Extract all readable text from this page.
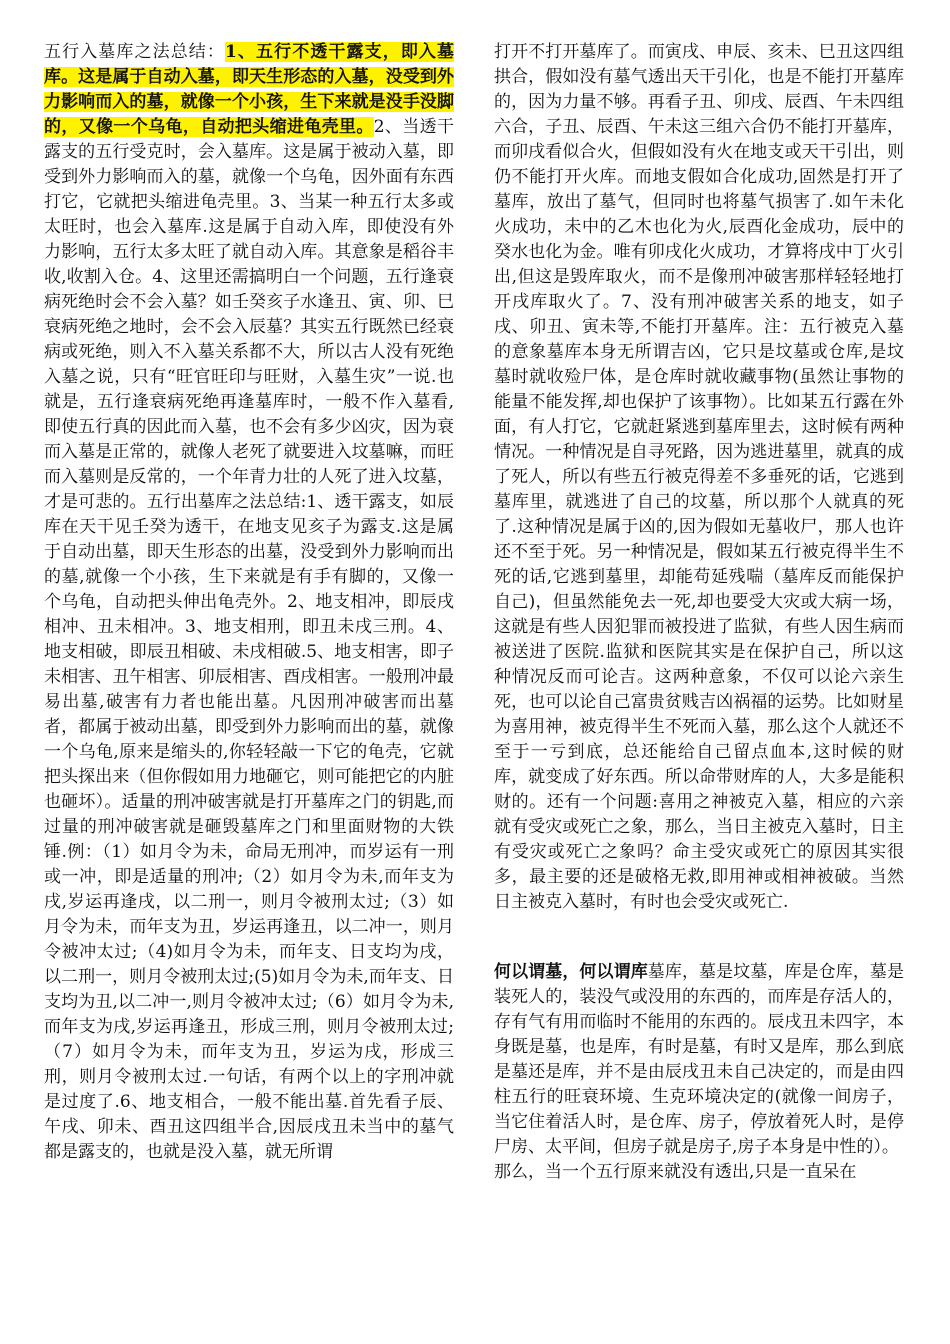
五行入墓库之法总结：1、五行不透干露支，即入墓库。这是属于自动入墓，即天生形态的入墓，没受到外力影响而入的墓，就像一个小孩，生下来就是没手没脚的，又像一个乌龟，自动把头缩进龟壳里。2、当透干露支的五行受克时，会入墓库。这是属于被动入墓，即受到外力影响而入的墓，就像一个乌龟，因外面有东西打它，它就把头缩进龟壳里。3、当某一种五行太多或太旺时，也会入墓库.这是属于自动入库，即使没有外力影响，五行太多太旺了就自动入库。其意象是稻谷丰收,收割入仓。4、这里还需搞明白一个问题，五行逢衰病死绝时会不会入墓？如壬癸亥子水逢丑、寅、卯、巳衰病死绝之地时，会不会入辰墓？其实五行既然已经衰病或死绝，则入不入墓关系都不大，所以古人没有死绝入墓之说，只有“旺官旺印与旺财，入墓生灾”一说.也就是，五行逢衰病死绝再逢墓库时，一般不作入墓看,即使五行真的因此而入墓，也不会有多少凶灾，因为衰而入墓是正常的，就像人老死了就要进入坟墓嘛，而旺而入墓则是反常的，一个年青力壮的人死了进入坟墓，才是可悲的。五行出墓库之法总结:1、透干露支，如辰库在天干见壬癸为透干，在地支见亥子为露支.这是属于自动出墓，即天生形态的出墓，没受到外力影响而出的墓,就像一个小孩，生下来就是有手有脚的，又像一个乌龟，自动把头伸出龟壳外。2、地支相冲，即辰戌相冲、丑未相冲。3、地支相刑，即丑未戌三刑。4、地支相破，即辰丑相破、未戌相破.5、地支相害，即子未相害、丑午相害、卯辰相害、酉戌相害。一般刑冲最易出墓,破害有力者也能出墓。凡因刑冲破害而出墓者，都属于被动出墓，即受到外力影响而出的墓，就像一个乌龟,原来是缩头的,你轻轻敲一下它的龟壳，它就把头探出来（但你假如用力地砸它，则可能把它的内脏也砸坏）。适量的刑冲破害就是打开墓库之门的钥匙,而过量的刑冲破害就是砸毁墓库之门和里面财物的大铁锤.例：（1）如月令为未，命局无刑冲，而岁运有一刑或一冲，即是适量的刑冲;（2）如月令为未,而年支为戌,岁运再逢戌，以二刑一，则月令被刑太过;（3）如月令为未，而年支为丑，岁运再逢丑，以二冲一，则月令被冲太过;（4)如月令为未，而年支、日支均为戌，以二刑一，则月令被刑太过;(5)如月令为未,而年支、日支均为丑,以二冲一,则月令被冲太过;（6）如月令为未,而年支为戌,岁运再逢丑，形成三刑，则月令被刑太过;（7）如月令为未，而年支为丑，岁运为戌，形成三刑，则月令被刑太过.一句话，有两个以上的字刑冲就是过度了.6、地支相合，一般不能出墓.首先看子辰、午戌、卯未、酉丑这四组半合,因辰戌丑未当中的墓气都是露支的，也就是没入墓，就无所谓

打开不打开墓库了。而寅戌、申辰、亥未、巳丑这四组拱合，假如没有墓气透出天干引化，也是不能打开墓库的，因为力量不够。再看子丑、卯戌、辰酉、午未四组六合，子丑、辰酉、午未这三组六合仍不能打开墓库，而卯戌看似合火，但假如没有火在地支或天干引出，则仍不能打开火库。而地支假如合化成功,固然是打开了墓库，放出了墓气，但同时也将墓气损害了.如午未化火成功，未中的乙木也化为火,辰酉化金成功，辰中的癸水也化为金。唯有卯戌化火成功，才算将戌中丁火引出,但这是毁库取火，而不是像刑冲破害那样轻轻地打开戌库取火了。7、没有刑冲破害关系的地支，如子戌、卯丑、寅未等,不能打开墓库。注：五行被克入墓的意象墓库本身无所谓吉凶，它只是坟墓或仓库,是坟墓时就收殓尸体，是仓库时就收藏事物(虽然让事物的能量不能发挥,却也保护了该事物）。比如某五行露在外面，有人打它，它就赶紧逃到墓库里去，这时候有两种情况。一种情况是自寻死路，因为逃进墓里，就真的成了死人，所以有些五行被克得差不多垂死的话，它逃到墓库里，就逃进了自己的坟墓，所以那个人就真的死了.这种情况是属于凶的,因为假如无墓收尸，那人也许还不至于死。另一种情况是，假如某五行被克得半生不死的话,它逃到墓里，却能苟延残喘（墓库反而能保护自己)，但虽然能免去一死,却也要受大灾或大病一场，这就是有些人因犯罪而被投进了监狱，有些人因生病而被送进了医院.监狱和医院其实是在保护自己，所以这种情况反而可论吉。这两种意象，不仅可以论六亲生死，也可以论自己富贵贫贱吉凶祸福的运势。比如财星为喜用神，被克得半生不死而入墓，那么这个人就还不至于一亏到底，总还能给自己留点血本,这时候的财库，就变成了好东西。所以命带财库的人，大多是能积财的。还有一个问题:喜用之神被克入墓，相应的六亲就有受灾或死亡之象，那么，当日主被克入墓时，日主有受灾或死亡之象吗？命主受灾或死亡的原因其实很多，最主要的还是破格无救,即用神或相神被破。当然日主被克入墓时，有时也会受灾或死亡.

何以谓墓，何以谓库墓库，墓是坟墓，库是仓库，墓是装死人的，装没气或没用的东西的，而库是存活人的，存有气有用而临时不能用的东西的。辰戌丑未四字，本身既是墓，也是库，有时是墓，有时又是库，那么到底是墓还是库，并不是由辰戌丑未自己决定的，而是由四柱五行的旺衰环境、生克环境决定的(就像一间房子，当它住着活人时，是仓库、房子，停放着死人时，是停尸房、太平间，但房子就是房子,房子本身是中性的）。

那么，当一个五行原来就没有透出,只是一直呆在
